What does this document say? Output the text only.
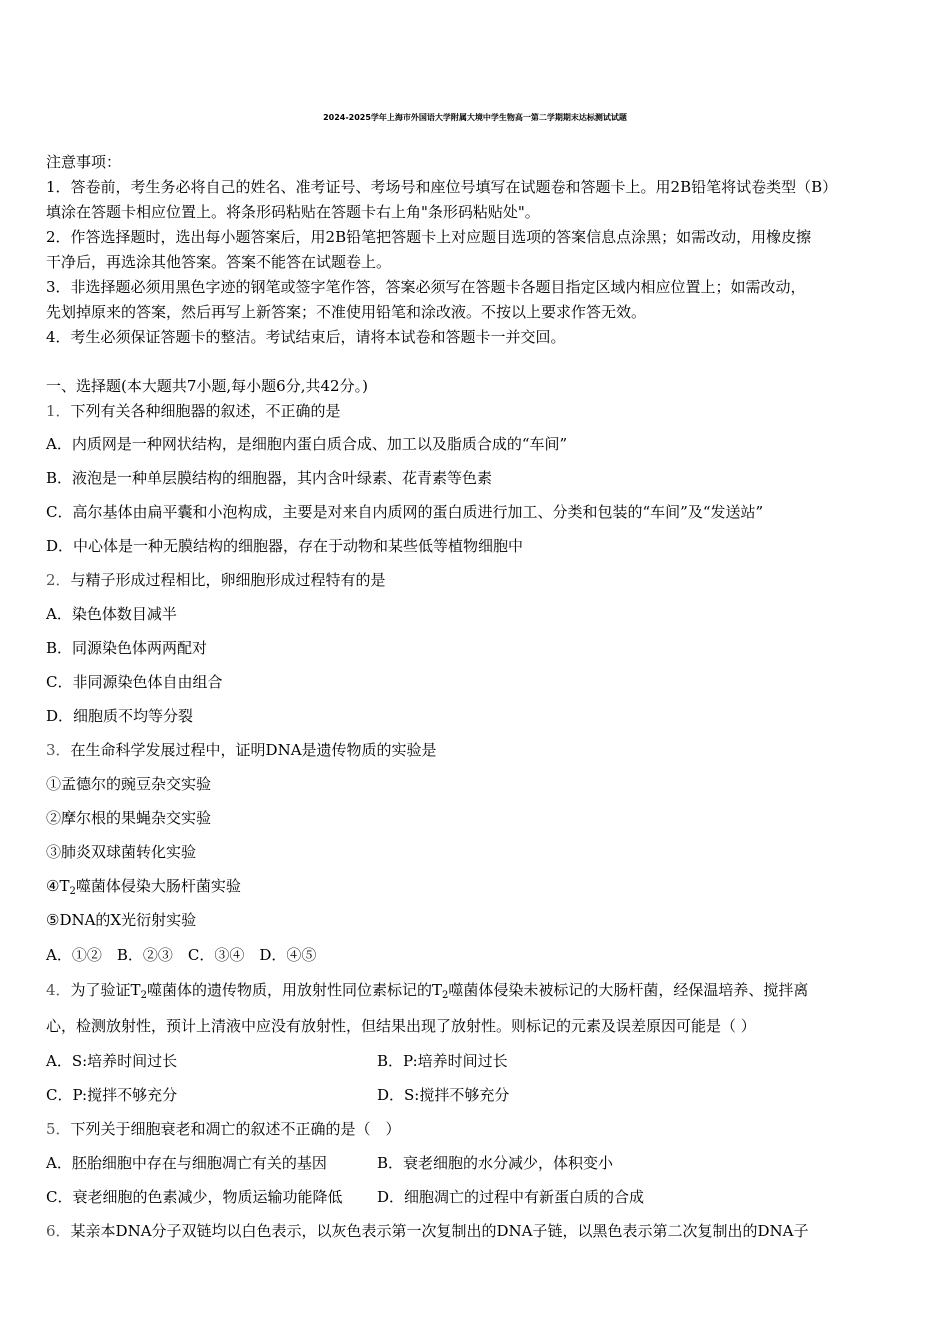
2024-2025学年上海市外国语大学附属大境中学生物高一第二学期期末达标测试试题
注意事项：
1．答卷前，考生务必将自己的姓名、准考证号、考场号和座位号填写在试题卷和答题卡上。用2B铅笔将试卷类型（B）
填涂在答题卡相应位置上。将条形码粘贴在答题卡右上角"条形码粘贴处"。
2．作答选择题时，选出每小题答案后，用2B铅笔把答题卡上对应题目选项的答案信息点涂黑；如需改动，用橡皮擦
干净后，再选涂其他答案。答案不能答在试题卷上。
3．非选择题必须用黑色字迹的钢笔或签字笔作答，答案必须写在答题卡各题目指定区域内相应位置上；如需改动，
先划掉原来的答案，然后再写上新答案；不准使用铅笔和涂改液。不按以上要求作答无效。
4．考生必须保证答题卡的整洁。考试结束后，请将本试卷和答题卡一并交回。
一、选择题(本大题共7小题,每小题6分,共42分。)
1．下列有关各种细胞器的叙述，不正确的是
A．内质网是一种网状结构，是细胞内蛋白质合成、加工以及脂质合成的“车间”
B．液泡是一种单层膜结构的细胞器，其内含叶绿素、花青素等色素
C．高尔基体由扁平囊和小泡构成，主要是对来自内质网的蛋白质进行加工、分类和包装的“车间”及“发送站”
D．中心体是一种无膜结构的细胞器，存在于动物和某些低等植物细胞中
2．与精子形成过程相比，卵细胞形成过程特有的是
A．染色体数目减半
B．同源染色体两两配对
C．非同源染色体自由组合
D．细胞质不均等分裂
3．在生命科学发展过程中，证明DNA是遗传物质的实验是
①孟德尔的豌豆杂交实验
②摩尔根的果蝇杂交实验
③肺炎双球菌转化实验
$④T_2$噬菌体侵染大肠杆菌实验
⑤DNA的X光衍射实验
A．①②　B．②③　C．③④　D．④⑤
4．为了验证$T_2$噬菌体的遗传物质，用放射性同位素标记的$T_2$噬菌体侵染未被标记的大肠杆菌，经保温培养、搅拌离
心，检测放射性，预计上清液中应没有放射性，但结果出现了放射性。则标记的元素及误差原因可能是（ ）
A．S:培养时间过长	B．P:培养时间过长
C．P:搅拌不够充分	D．S:搅拌不够充分
5．下列关于细胞衰老和凋亡的叙述不正确的是（　）
A．胚胎细胞中存在与细胞凋亡有关的基因	B．衰老细胞的水分减少，体积变小
C．衰老细胞的色素减少，物质运输功能降低 D．细胞凋亡的过程中有新蛋白质的合成
6．某亲本DNA分子双链均以白色表示，以灰色表示第一次复制出的DNA子链，以黑色表示第二次复制出的DNA子
